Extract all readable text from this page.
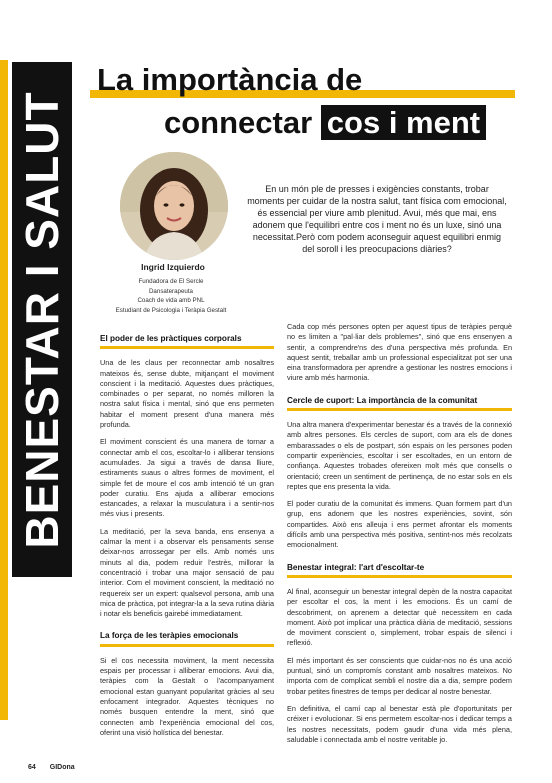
BENESTAR I SALUT
La importància de
connectar cos i ment
Ingrid Izquierdo
Fundadora de El Sercle
Dansaterapeuta
Coach de vida amb PNL
Estudiant de Psicologia i Teràpia Gestalt
En un món ple de presses i exigències constants, trobar moments per cuidar de la nostra salut, tant física com emocional, és essencial per viure amb plenitud. Avui, més que mai, ens adonem que l'equilibri entre cos i ment no és un luxe, sinó una necessitat.Però com podem aconseguir aquest equilibri enmig del soroll i les preocupacions diàries?
El poder de les pràctiques corporals

Una de les claus per reconnectar amb nosaltres mateixos és, sense dubte, mitjançant el moviment conscient i la meditació. Aquestes dues pràctiques, combinades o per separat, no només milloren la nostra salut física i mental, sinó que ens permeten habitar el moment present d'una manera més profunda.

El moviment conscient és una manera de tornar a connectar amb el cos, escoltar-lo i alliberar tensions acumulades. Ja sigui a través de dansa lliure, estiraments suaus o altres formes de moviment, el simple fet de moure el cos amb intenció té un gran poder curatiu. Ens ajuda a alliberar emocions estancades, a relaxar la musculatura i a sentir-nos més vius i presents.

La meditació, per la seva banda, ens ensenya a calmar la ment i a observar els pensaments sense deixar-nos arrossegar per ells. Amb només uns minuts al dia, podem reduir l'estrès, millorar la concentració i trobar una major sensació de pau interior. Com el moviment conscient, la meditació no requereix ser un expert: qualsevol persona, amb una mica de pràctica, pot integrar-la a la seva rutina diària i notar els beneficis gairebé immediatament.

La força de les teràpies emocionals

Si el cos necessita moviment, la ment necessita espais per processar i alliberar emocions. Avui dia, teràpies com la Gestalt o l'acompanyament emocional estan guanyant popularitat gràcies al seu enfocament integrador. Aquestes tècniques no només busquen entendre la ment, sinó que connecten amb l'experiència emocional del cos, oferint una visió holística del benestar.

Cada cop més persones opten per aquest tipus de teràpies perquè no es limiten a "pal·liar dels problemes", sinó que ens ensenyen a sentir, a comprendre'ns des d'una perspectiva més profunda. En aquest sentit, treballar amb un professional especialitzat pot ser una eina transformadora per aprendre a gestionar les nostres emocions i viure amb més harmonia.

Cercle de cuport: La importància de la comunitat

Una altra manera d'experimentar benestar és a través de la connexió amb altres persones. Els cercles de suport, com ara els de dones embarassades o els de postpart, són espais on les persones poden compartir experiències, escoltar i ser escoltades, en un entorn de confiança. Aquestes trobades ofereixen molt més que consells o orientació; creen un sentiment de pertinença, de no estar sols en els reptes que ens presenta la vida.

El poder curatiu de la comunitat és immens. Quan formem part d'un grup, ens adonem que les nostres experiències, sovint, són compartides. Això ens alleuja i ens permet afrontar els moments difícils amb una perspectiva més positiva, sentint-nos més recolzats emocionalment.

Benestar integral: l'art d'escoltar-te

Al final, aconseguir un benestar integral depèn de la nostra capacitat per escoltar el cos, la ment i les emocions. És un camí de descobriment, on aprenem a detectar què necessitem en cada moment. Això pot implicar una pràctica diària de meditació, sessions de moviment conscient o, simplement, trobar espais de silenci i reflexió.

El més important és ser conscients que cuidar-nos no és una acció puntual, sinó un compromís constant amb nosaltres mateixos. No importa com de complicat sembli el nostre dia a dia, sempre podem trobar petites finestres de temps per dedicar al nostre benestar.

En definitiva, el camí cap al benestar està ple d'oportunitats per créixer i evolucionar. Si ens permetem escoltar-nos i dedicar temps a les nostres necessitats, podem gaudir d'una vida més plena, saludable i connectada amb el nostre veritable jo.

64 GIDona
